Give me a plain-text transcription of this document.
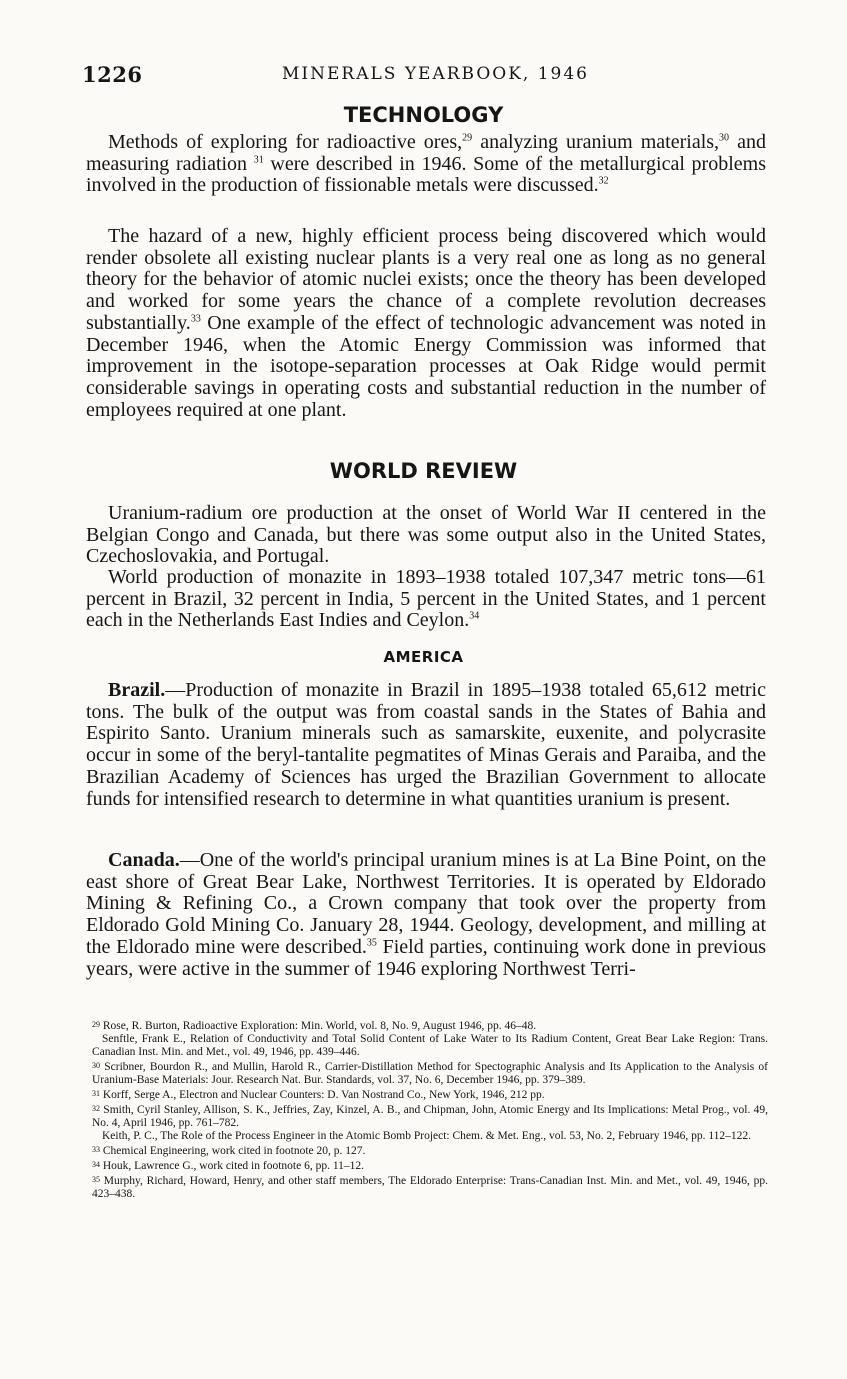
1226	MINERALS YEARBOOK, 1946
TECHNOLOGY

Methods of exploring for radioactive ores,$^{29}$ analyzing uranium materials,$^{30}$ and measuring radiation $^{31}$ were described in 1946. Some of the metallurgical problems involved in the production of fissionable metals were discussed.$^{32}$

The hazard of a new, highly efficient process being discovered which would render obsolete all existing nuclear plants is a very real one as long as no general theory for the behavior of atomic nuclei exists; once the theory has been developed and worked for some years the chance of a complete revolution decreases substantially.$^{33}$ One example of the effect of technologic advancement was noted in December 1946, when the Atomic Energy Commission was informed that improvement in the isotope-separation processes at Oak Ridge would permit considerable savings in operating costs and substantial reduction in the number of employees required at one plant.

WORLD REVIEW

Uranium-radium ore production at the onset of World War II centered in the Belgian Congo and Canada, but there was some output also in the United States, Czechoslovakia, and Portugal.

World production of monazite in 1893–1938 totaled 107,347 metric tons—61 percent in Brazil, 32 percent in India, 5 percent in the United States, and 1 percent each in the Netherlands East Indies and Ceylon.$^{34}$

AMERICA

Brazil.—Production of monazite in Brazil in 1895–1938 totaled 65,612 metric tons. The bulk of the output was from coastal sands in the States of Bahia and Espirito Santo. Uranium minerals such as samarskite, euxenite, and polycrasite occur in some of the beryl-tantalite pegmatites of Minas Gerais and Paraiba, and the Brazilian Academy of Sciences has urged the Brazilian Government to allocate funds for intensified research to determine in what quantities uranium is present.

Canada.—One of the world's principal uranium mines is at La Bine Point, on the east shore of Great Bear Lake, Northwest Territories. It is operated by Eldorado Mining & Refining Co., a Crown company that took over the property from Eldorado Gold Mining Co. January 28, 1944. Geology, development, and milling at the Eldorado mine were described.$^{35}$ Field parties, continuing work done in previous years, were active in the summer of 1946 exploring Northwest Terri-

29 Rose, R. Burton, Radioactive Exploration: Min. World, vol. 8, No. 9, August 1946, pp. 46–48.
Senftle, Frank E., Relation of Conductivity and Total Solid Content of Lake Water to Its Radium Content, Great Bear Lake Region: Trans. Canadian Inst. Min. and Met., vol. 49, 1946, pp. 439–446.
30 Scribner, Bourdon R., and Mullin, Harold R., Carrier-Distillation Method for Spectographic Analysis and Its Application to the Analysis of Uranium-Base Materials: Jour. Research Nat. Bur. Standards, vol. 37, No. 6, December 1946, pp. 379–389.
31 Korff, Serge A., Electron and Nuclear Counters: D. Van Nostrand Co., New York, 1946, 212 pp.
32 Smith, Cyril Stanley, Allison, S. K., Jeffries, Zay, Kinzel, A. B., and Chipman, John, Atomic Energy and Its Implications: Metal Prog., vol. 49, No. 4, April 1946, pp. 761–782.
Keith, P. C., The Role of the Process Engineer in the Atomic Bomb Project: Chem. & Met. Eng., vol. 53, No. 2, February 1946, pp. 112–122.
33 Chemical Engineering, work cited in footnote 20, p. 127.
34 Houk, Lawrence G., work cited in footnote 6, pp. 11–12.
35 Murphy, Richard, Howard, Henry, and other staff members, The Eldorado Enterprise: Trans-Canadian Inst. Min. and Met., vol. 49, 1946, pp. 423–438.
